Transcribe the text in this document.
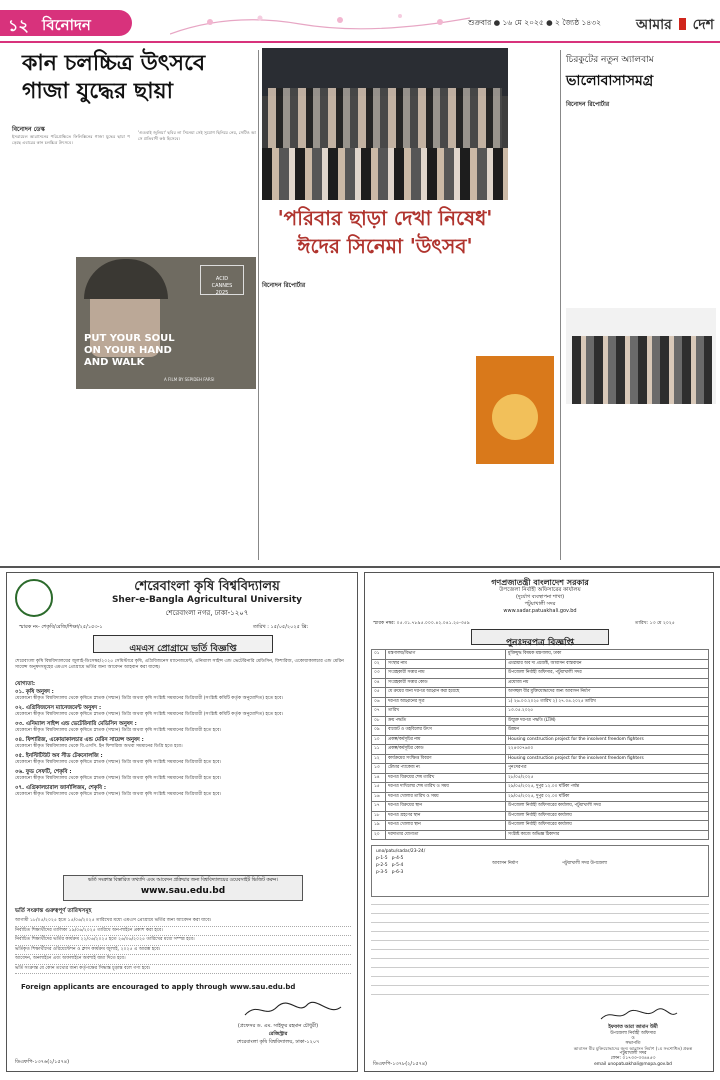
১২ বিনোদন	শুক্রবার ● ১৬ মে ২০২৫ ● ২ জ্যৈষ্ঠ ১৪৩২	আমার দেশ
কান চলচ্চিত্র উৎসবে
গাজা যুদ্ধের ছায়া
বিনোদন ডেস্ক
ইসরায়েল আগ্রাসনের পরিপ্রেক্ষিতে ফিলিস্তিনের গাজা যুদ্ধের ছায়া পড়েছে এবারের কান চলচ্চিত্র উৎসবে।
'গুডবাই জুলিয়া' ছবির লা সিনেমা সেই সুযোগ ছিনিয়ে নেয়, সেটিও আসে প্রতিবাদী কণ্ঠ হিসেবে।

ACID
CANNES
2025

PUT YOUR SOUL
ON YOUR HAND
AND WALK
A FILM BY SEPIDEH FARSI
'পরিবার ছাড়া দেখা নিষেধ'
ঈদের সিনেমা 'উৎসব'
বিনোদন রিপোর্টার
চিরকুটের নতুন অ্যালবাম
ভালোবাসাসমগ্র
বিনোদন রিপোর্টার
শেরেবাংলা কৃষি বিশ্ববিদ্যালয়
Sher-e-Bangla Agricultural University
শেরেবাংলা নগর, ঢাকা-১২০৭
স্মারক নং- শেকৃবি/রেজি/শিক্ষা/২৫/১৫৩-১	তারিখ : ১৫/০৫/২০২৫ খ্রি:
এমএস প্রোগ্রামে ভর্তি বিজ্ঞপ্তি
শেরেবাংলা কৃষি বিশ্ববিদ্যালয়ের জুলাই-ডিসেম্বর/২০২৫ সেমিস্টারে কৃষি, এগ্রিবিজনেস ম্যানেজমেন্ট, এনিম্যাল সাইন্স এন্ড ভেটেরিনারি মেডিসিন, ফিশারিজ, একোয়াকালচার এন্ড মেরিন সায়েন্স অনুষদসমূহের এমএস প্রোগ্রামে ভর্তির জন্য আবেদন আহবান করা যাচ্ছে।
যোগ্যতা:
০১. কৃষি অনুষদ :
যেকোনো স্বীকৃত বিশ্ববিদ্যালয় থেকে কৃষিতে স্নাতক (সম্মান) ডিগ্রি অথবা কৃষি সংশ্লিষ্ট সমমানের ডিগ্রিধারী (সংশ্লিষ্ট কমিটি কর্তৃক অনুমোদিত) হতে হবে।
০২. এগ্রিবিজনেস ম্যানেজমেন্ট অনুষদ :
যেকোনো স্বীকৃত বিশ্ববিদ্যালয় থেকে কৃষিতে স্নাতক (সম্মান) ডিগ্রি অথবা কৃষি সংশ্লিষ্ট সমমানের ডিগ্রিধারী (সংশ্লিষ্ট কমিটি কর্তৃক অনুমোদিত) হতে হবে।
০৩. এনিম্যাল সাইন্স এন্ড ভেটেরিনারি মেডিসিন অনুষদ :
যেকোনো স্বীকৃত বিশ্ববিদ্যালয় থেকে কৃষিতে স্নাতক (সম্মান) ডিগ্রি অথবা কৃষি সংশ্লিষ্ট সমমানের ডিগ্রিধারী হতে হবে।
০৪. ফিশারিজ, একোয়াকালচার এন্ড মেরিন সায়েন্স অনুষদ :
যেকোনো স্বীকৃত বিশ্ববিদ্যালয় থেকে বি.এসসি. ইন ফিশারিজ অথবা সমমানের ডিগ্রি হতে হবে।
০৫. ইনস্টিটিউট অব সীড টেকনোলজি :
যেকোনো স্বীকৃত বিশ্ববিদ্যালয় থেকে কৃষিতে স্নাতক (সম্মান) ডিগ্রি অথবা কৃষি সংশ্লিষ্ট সমমানের ডিগ্রিধারী হতে হবে।
০৬. ফুড সেফটি, শেকৃবি :
যেকোনো স্বীকৃত বিশ্ববিদ্যালয় থেকে কৃষিতে স্নাতক (সম্মান) ডিগ্রি অথবা কৃষি সংশ্লিষ্ট সমমানের ডিগ্রিধারী হতে হবে।
০৭. এগ্রিকালচারাল জার্নালিজম, শেকৃবি :
যেকোনো স্বীকৃত বিশ্ববিদ্যালয় থেকে কৃষিতে স্নাতক (সম্মান) ডিগ্রি অথবা কৃষি সংশ্লিষ্ট সমমানের ডিগ্রিধারী হতে হবে।
ভর্তি সংক্রান্ত বিস্তারিত তথ্যাদি এবং আবেদন প্রক্রিয়ার জন্য বিশ্ববিদ্যালয়ের ওয়েবসাইট ভিজিট করুন।
www.sau.edu.bd
ভর্তি সংক্রান্ত গুরুত্বপূর্ণ তারিখসমূহ
আগামী ১৮/০৫/২০২৫ হতে ১৫/০৬/২০২৫ তারিখের মধ্যে এমএস প্রোগ্রামে ভর্তির জন্য আবেদন করা যাবে।
নির্বাচিত শিক্ষার্থীদের তালিকা ১৯/০৬/২০২৫ তারিখে অন-লাইনে প্রকাশ করা হবে।
নির্বাচিত শিক্ষার্থীদের ভর্তির কার্যক্রম ২২/০৬/২০২৫ হতে ২৬/০৬/২০২৫ তারিখের মধ্যে সম্পন্ন হবে।
ভর্তিকৃত শিক্ষার্থীদের ওরিয়েন্টেশন ও ক্লাস কার্যক্রম জুলাই, ২০২৫ এ আরম্ভ হবে।
আবেদন, অনলাইনে এবং অফলাইনে অবশ্যই জমা দিতে হবে।
ভর্তি সংক্রান্ত যে কোন তথ্যের জন্য কর্তৃপক্ষের সিদ্ধান্ত চূড়ান্ত বলে গণ্য হবে।
Foreign applicants are encouraged to apply through www.sau.edu.bd
(প্রফেসর ড. এম. সাইফুর রহমান চৌধুরী)
রেজিস্ট্রার
শেরেবাংলা কৃষি বিশ্ববিদ্যালয়, ঢাকা-১২০৭
ডিএফপি-১৩৭৬(২/১৫৭৪)
গণপ্রজাতন্ত্রী বাংলাদেশ সরকার
উপজেলা নির্বাহী অফিসারের কার্যালয়
(দুর্যোগ ব্যবস্থাপনা শাখা)
পটুয়াখালী সদর
www.sadar.patuakhali.gov.bd
স্মারক নম্বর: ০৫.৩১.৭৮৯৫.০০০.৪২.০৪১.২৫-৩৫৯	তারিখ: ১৩ মে ২০২৫
পুনঃদরপত্র বিজ্ঞপ্তি
০১	মন্ত্রণালয়/বিভাগ	মুক্তিযুদ্ধ বিষয়ক মন্ত্রণালয়, ঢাকা
০২	সংস্থার নাম	এমপ্লয়ার অব দ্য প্রজেক্ট, আবাসন বাস্তবায়ন
০৩	সংগ্রহকারী সত্তার নাম	উপজেলা নির্বাহী অফিসার, পটুয়াখালী সদর
০৪	সংগ্রহকারী সত্তার কোড	প্রযোজ্য নয়
০৫	যে ক্রয়ের জন্য দরপত্র আহ্বান করা হয়েছে	অসচ্ছল বীর মুক্তিযোদ্ধাদের জন্য আবাসন নির্মাণ
০৬	দরপত্র আহ্বানের সূত্র	১) ২৬.০৩.২০২৫ তারিখ ২) ২৭.০৪.২০২৫ তারিখ
০৭	তারিখ	১৩.০৫.২০২৫
০৮	ক্রয় পদ্ধতি	উন্মুক্ত দরপত্র পদ্ধতি (LTM)
০৯	বাজেট ও তহবিলের উৎস	উন্নয়ন
১০	প্রকল্প/কর্মসূচির নাম	Housing construction project for the insolvent freedom fighters
১১	প্রকল্প/কর্মসূচির কোড	২২৪৩০৭৬০০
১২	কার্যক্রমের সংক্ষিপ্ত বিবরণ	Housing construction project for the insolvent freedom fighters
১৩	টেন্ডার প্যাকেজ নং	পুনঃদরপত্র
১৪	দরপত্র বিক্রয়ের শেষ তারিখ	২৮/০৫/২০২৫
১৫	দরপত্র দাখিলের শেষ তারিখ ও সময়	২৯/০৫/২০২৫, দুপুর ১২.০০ ঘটিকা পর্যন্ত
১৬	দরপত্র খোলার তারিখ ও সময়	২৯/০৫/২০২৫, দুপুর ০২.০০ ঘটিকা
১৭	দরপত্র বিক্রয়ের স্থান	উপজেলা নির্বাহী অফিসারের কার্যালয়, পটুয়াখালী সদর
১৮	দরপত্র গ্রহণের স্থান	উপজেলা নির্বাহী অফিসারের কার্যালয়
১৯	দরপত্র খোলার স্থান	উপজেলা নির্বাহী অফিসারের কার্যালয়
২০	দরদাতার যোগ্যতা	সংশ্লিষ্ট কাজে অভিজ্ঞ ঠিকাদার
uno/patu/sadar/23-24/
p-1-5   p-4-5
p-2-5   p-5-4
p-3-5   p-6-3
আবাসন নির্মাণ	পটুয়াখালী সদর উপজেলা
ইফফাত আরা জামান উর্মী
উপজেলা নির্বাহী অফিসার
ও
সভাপতি
আবাসন বীর মুক্তিযোদ্ধাদের জন্য আবাসন নির্মাণ (১ম সংশোধিত) প্রকল্প
পটুয়াখালী সদর
ফোন: ০১৭৩৩-৩৩৪৪৫৩
email unopatuakhali@mopa.gov.bd
ডিএফপি-১৩৭৮(২/১৫৭৪)
